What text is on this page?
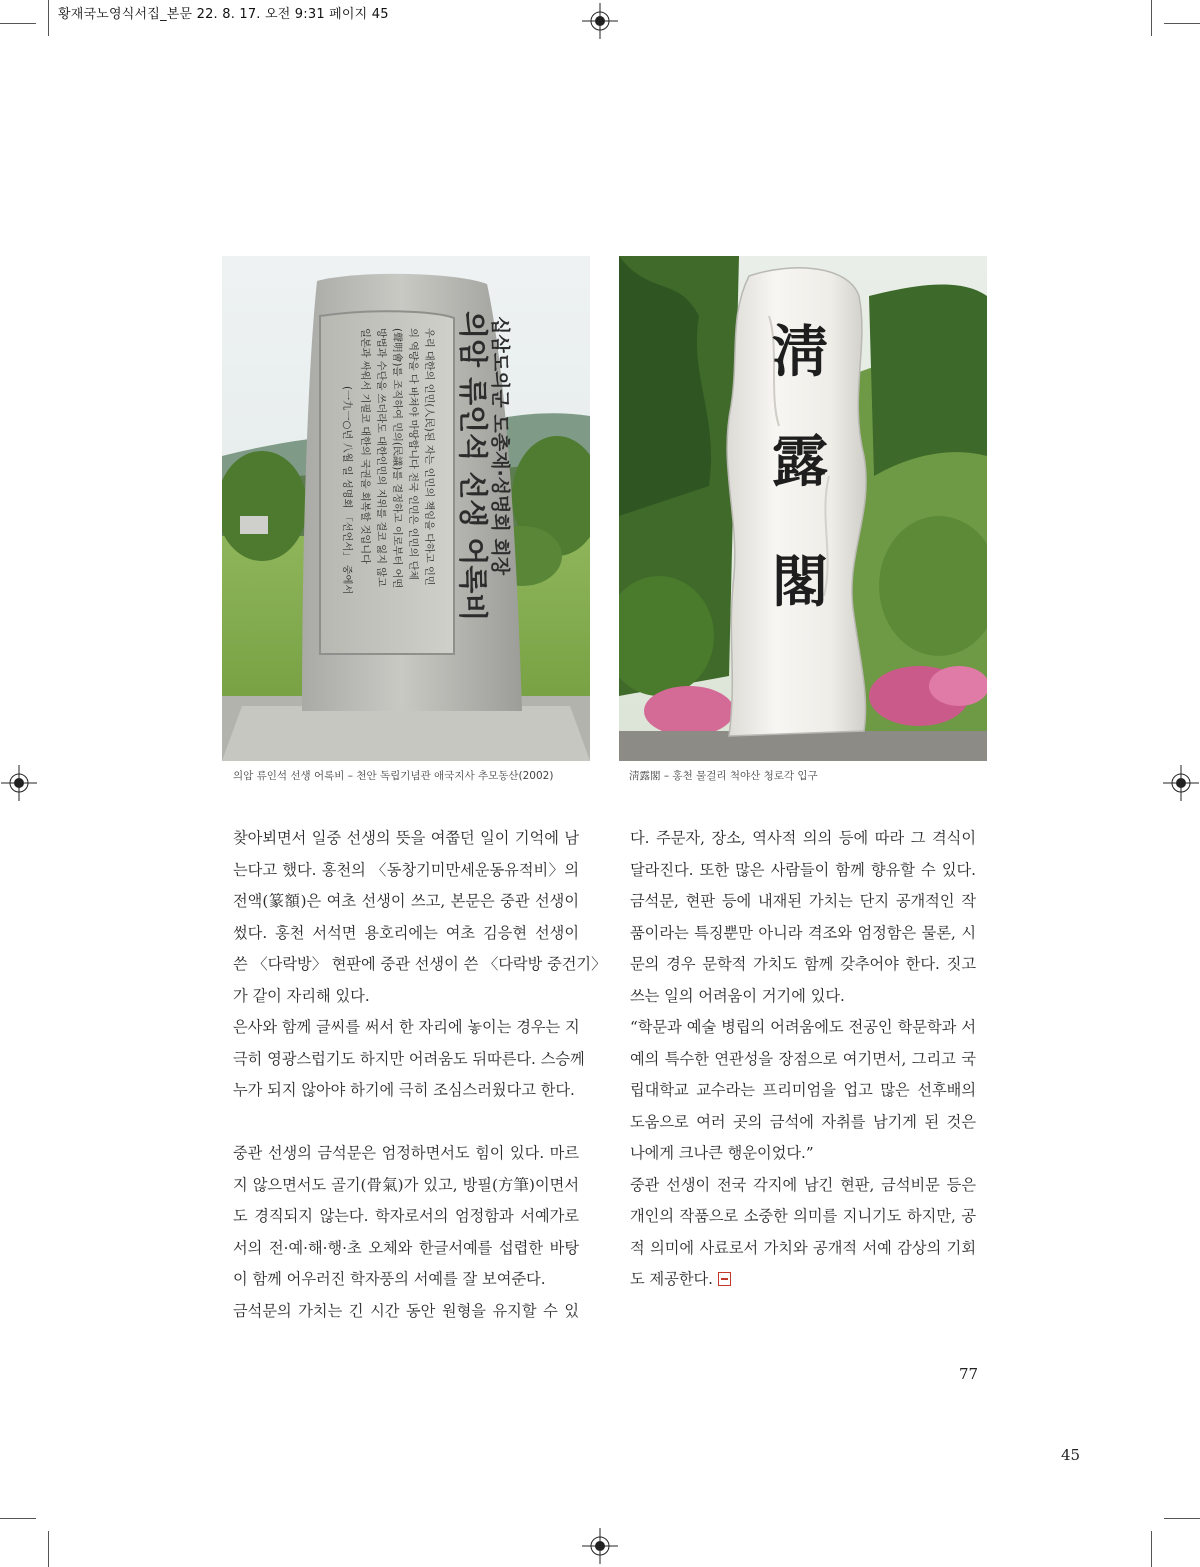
황재국노영식서집_본문 22. 8. 17. 오전 9:31 페이지 45
십삼도의군 도총재·성명회 회장
의암 류인석 선생 어록비
우리 대한의 인민(人民)된 자는 인민의 책임을 다하고 인민
의 역량을 다 바쳐야 마땅합니다 전국 인민은 인민의 단체
(聲明會)를 조직하여 민의(民議)를 결정하고 이로부터 어떤
방법과 수단을 쓰더라도 대한인민의 지위를 결코 잃지 않고
일본과 싸워서 기필코 대한의 국권을 회복할 것입니다
(一九一○년 八월 일 성명회 「선언서」 중에서
의암 류인석 선생 어록비 – 천안 독립기념관 애국지사 추모동산(2002)
淸
露
閣
淸露閣 – 홍천 물걸리 척야산 청로각 입구

찾아뵈면서 일중 선생의 뜻을 여쭙던 일이 기억에 남
는다고 했다. 홍천의 〈동창기미만세운동유적비〉의
전액(篆額)은 여초 선생이 쓰고, 본문은 중관 선생이
썼다. 홍천 서석면 용호리에는 여초 김응현 선생이
쓴 〈다락방〉 현판에 중관 선생이 쓴 〈다락방 중건기〉
가 같이 자리해 있다.

은사와 함께 글씨를 써서 한 자리에 놓이는 경우는 지
극히 영광스럽기도 하지만 어려움도 뒤따른다. 스승께
누가 되지 않아야 하기에 극히 조심스러웠다고 한다.

중관 선생의 금석문은 엄정하면서도 힘이 있다. 마르
지 않으면서도 골기(骨氣)가 있고, 방필(方筆)이면서
도 경직되지 않는다. 학자로서의 엄정함과 서예가로
서의 전·예·해·행·초 오체와 한글서예를 섭렵한 바탕
이 함께 어우러진 학자풍의 서예를 잘 보여준다.

금석문의 가치는 긴 시간 동안 원형을 유지할 수 있

다. 주문자, 장소, 역사적 의의 등에 따라 그 격식이
달라진다. 또한 많은 사람들이 함께 향유할 수 있다.
금석문, 현판 등에 내재된 가치는 단지 공개적인 작
품이라는 특징뿐만 아니라 격조와 엄정함은 물론, 시
문의 경우 문학적 가치도 함께 갖추어야 한다. 짓고
쓰는 일의 어려움이 거기에 있다.

“학문과 예술 병립의 어려움에도 전공인 학문학과 서
예의 특수한 연관성을 장점으로 여기면서, 그리고 국
립대학교 교수라는 프리미엄을 업고 많은 선후배의
도움으로 여러 곳의 금석에 자취를 남기게 된 것은
나에게 크나큰 행운이었다.”

중관 선생이 전국 각지에 남긴 현판, 금석비문 등은
개인의 작품으로 소중한 의미를 지니기도 하지만, 공
적 의미에 사료로서 가치와 공개적 서예 감상의 기회
도 제공한다.

77
45
